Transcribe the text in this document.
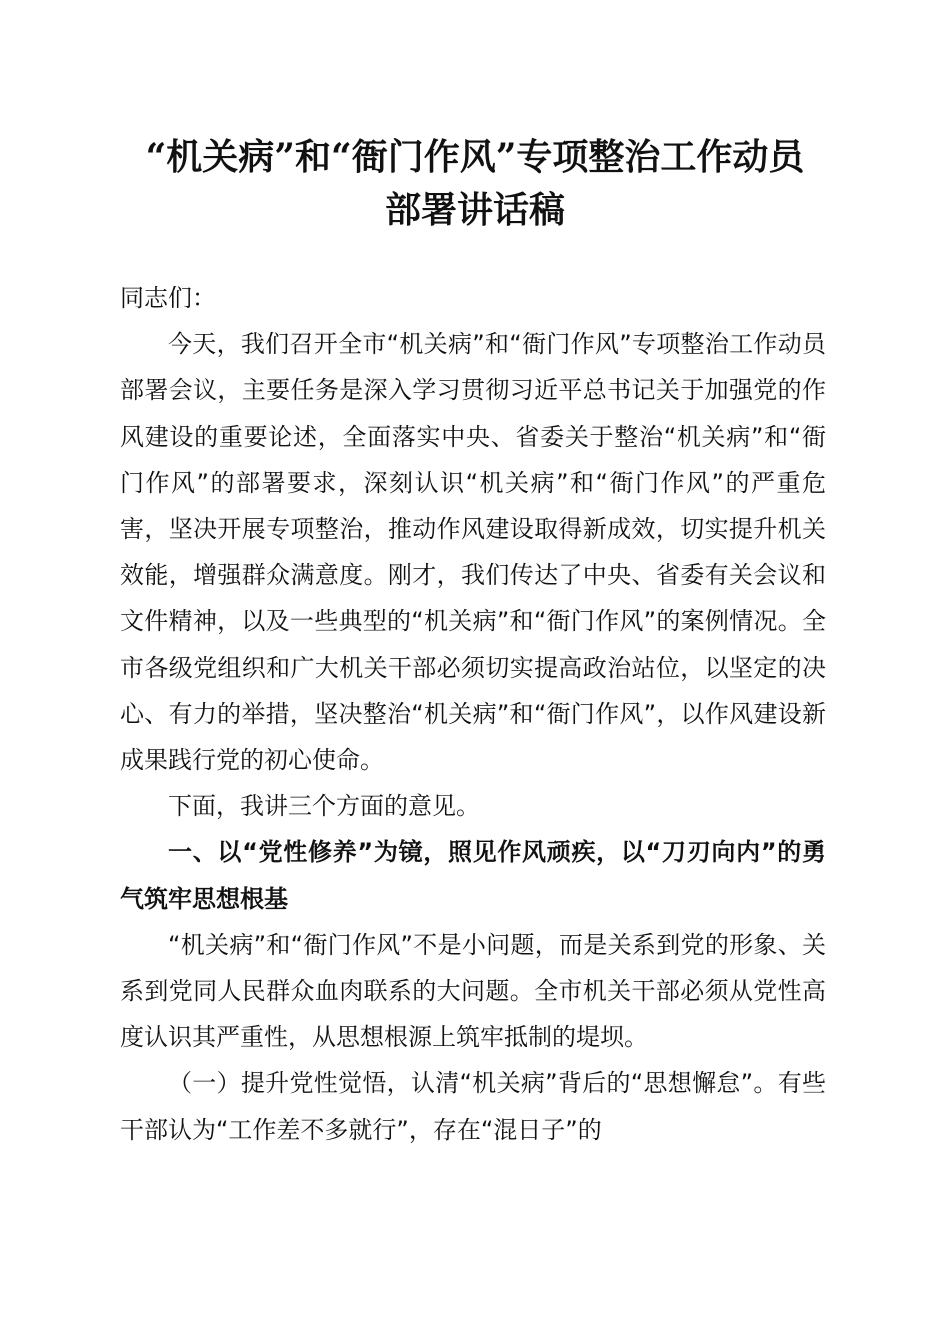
“机关病”和“衙门作风”专项整治工作动员
部署讲话稿

同志们：

今天，我们召开全市“机关病”和“衙门作风”专项整治工作动员部署会议，主要任务是深入学习贯彻习近平总书记关于加强党的作风建设的重要论述，全面落实中央、省委关于整治“机关病”和“衙门作风”的部署要求，深刻认识“机关病”和“衙门作风”的严重危害，坚决开展专项整治，推动作风建设取得新成效，切实提升机关效能，增强群众满意度。刚才，我们传达了中央、省委有关会议和文件精神，以及一些典型的“机关病”和“衙门作风”的案例情况。全市各级党组织和广大机关干部必须切实提高政治站位，以坚定的决心、有力的举措，坚决整治“机关病”和“衙门作风”，以作风建设新成果践行党的初心使命。

下面，我讲三个方面的意见。

一、以“党性修养”为镜，照见作风顽疾，以“刀刃向内”的勇气筑牢思想根基

“机关病”和“衙门作风”不是小问题，而是关系到党的形象、关系到党同人民群众血肉联系的大问题。全市机关干部必须从党性高度认识其严重性，从思想根源上筑牢抵制的堤坝。

（一）提升党性觉悟，认清“机关病”背后的“思想懈怠”。有些干部认为“工作差不多就行”，存在“混日子”的
